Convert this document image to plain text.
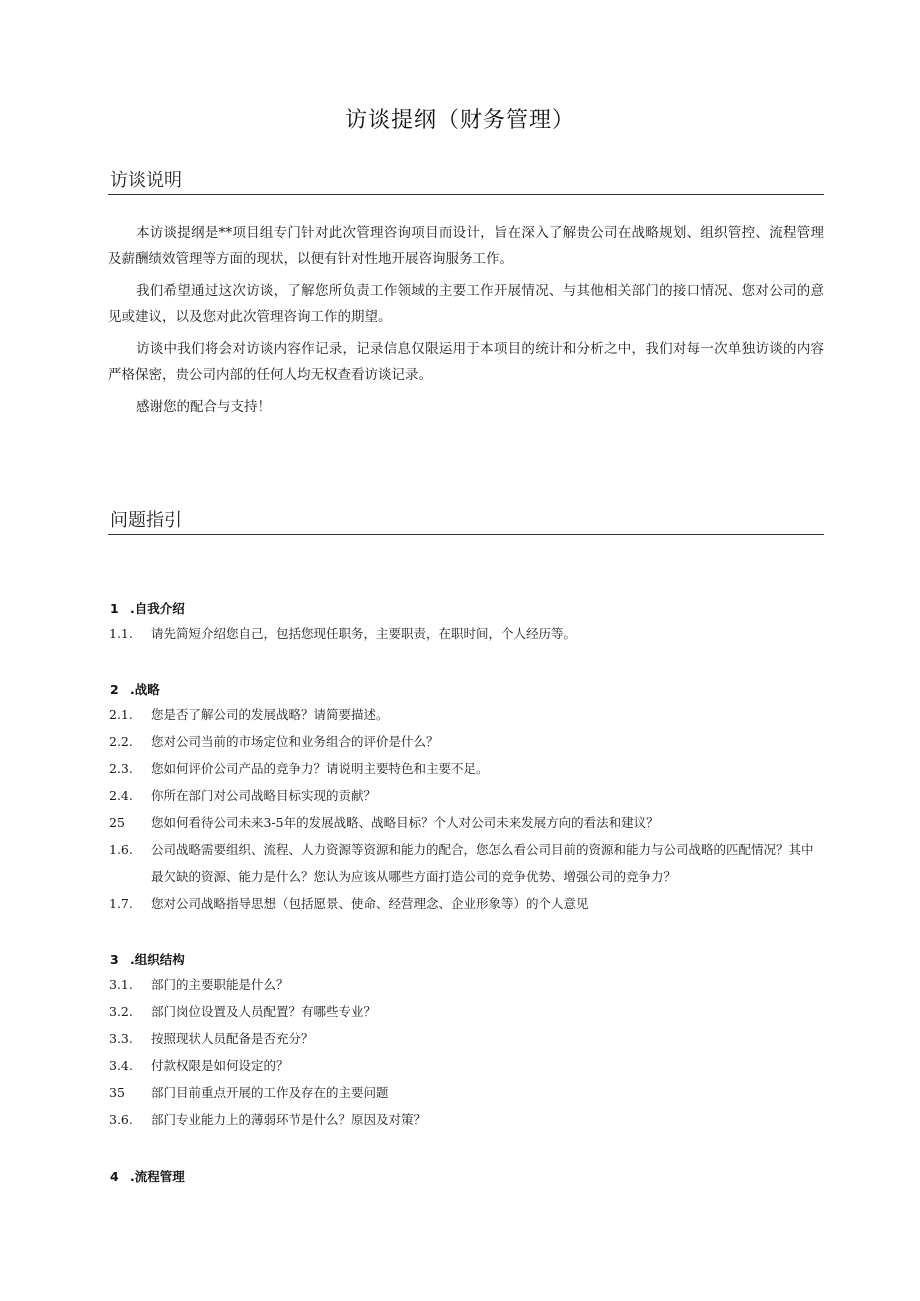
访谈提纲（财务管理）
访谈说明

本访谈提纲是**项目组专门针对此次管理咨询项目而设计，旨在深入了解贵公司在战略规划、组织管控、流程管理及薪酬绩效管理等方面的现状，以便有针对性地开展咨询服务工作。

我们希望通过这次访谈，了解您所负责工作领域的主要工作开展情况、与其他相关部门的接口情况、您对公司的意见或建议，以及您对此次管理咨询工作的期望。

访谈中我们将会对访谈内容作记录，记录信息仅限运用于本项目的统计和分析之中，我们对每一次单独访谈的内容严格保密，贵公司内部的任何人均无权查看访谈记录。

感谢您的配合与支持！

问题指引
1 .自我介绍
1.1.	请先简短介绍您自己，包括您现任职务，主要职责，在职时间，个人经历等。
2 .战略
2.1.	您是否了解公司的发展战略？请简要描述。
2.2.	您对公司当前的市场定位和业务组合的评价是什么？
2.3.	您如何评价公司产品的竞争力？请说明主要特色和主要不足。
2.4.	你所在部门对公司战略目标实现的贡献？
25	您如何看待公司未来3-5年的发展战略、战略目标？个人对公司未来发展方向的看法和建议？
1.6.	公司战略需要组织、流程、人力资源等资源和能力的配合，您怎么看公司目前的资源和能力与公司战略的匹配情况？其中最欠缺的资源、能力是什么？您认为应该从哪些方面打造公司的竞争优势、增强公司的竞争力？
1.7.	您对公司战略指导思想（包括愿景、使命、经营理念、企业形象等）的个人意见
3 .组织结构
3.1.	部门的主要职能是什么？
3.2.	部门岗位设置及人员配置？有哪些专业？
3.3.	按照现状人员配备是否充分？
3.4.	付款权限是如何设定的？
35	部门目前重点开展的工作及存在的主要问题
3.6.	部门专业能力上的薄弱环节是什么？原因及对策？
4 .流程管理
